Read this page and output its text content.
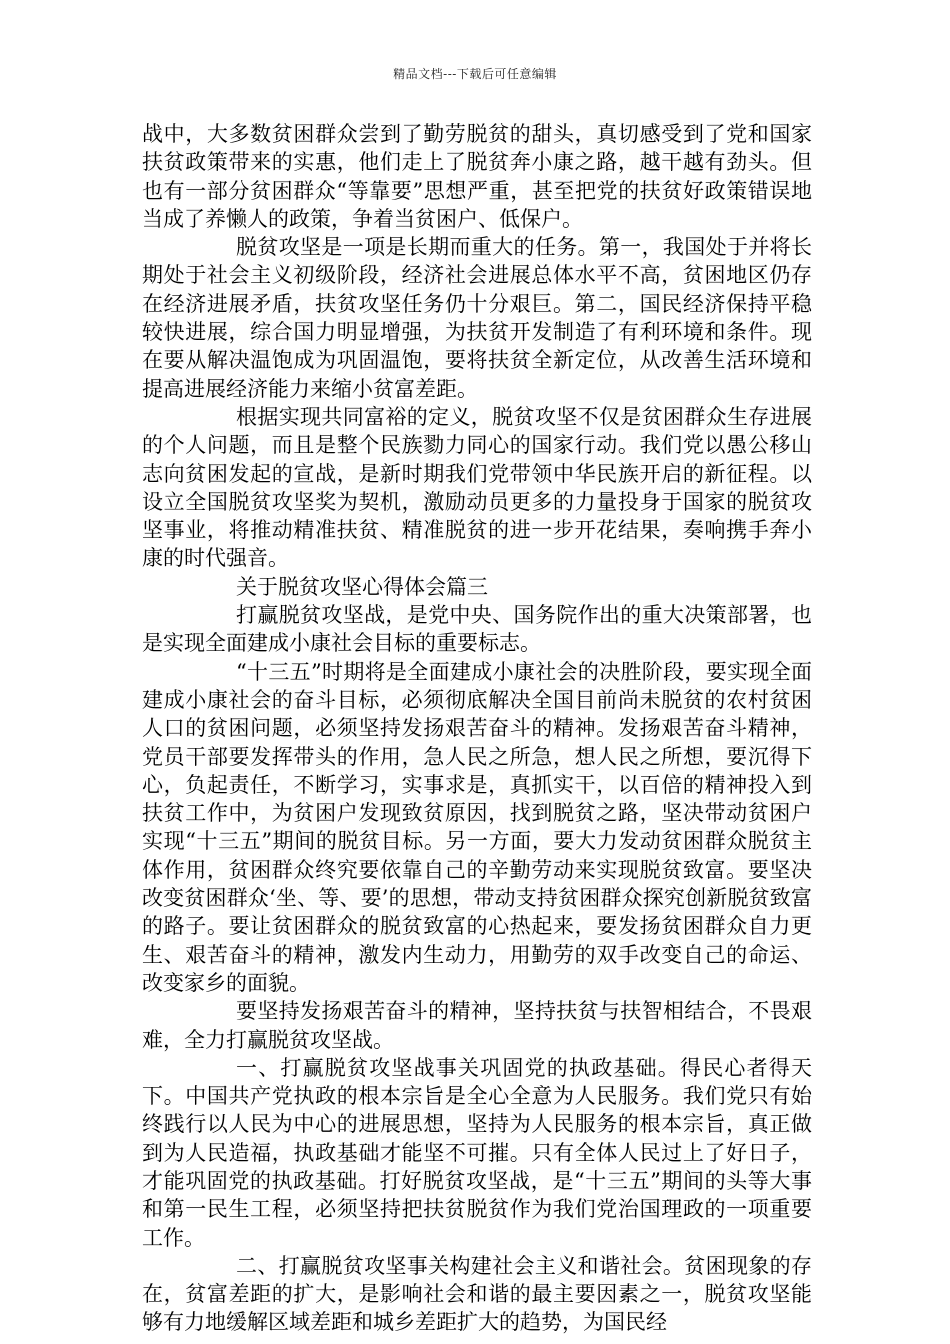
精品文档---下载后可任意编辑

战中，大多数贫困群众尝到了勤劳脱贫的甜头，真切感受到了党和国家扶贫政策带来的实惠，他们走上了脱贫奔小康之路，越干越有劲头。但也有一部分贫困群众“等靠要”思想严重，甚至把党的扶贫好政策错误地当成了养懒人的政策，争着当贫困户、低保户。

脱贫攻坚是一项是长期而重大的任务。第一，我国处于并将长期处于社会主义初级阶段，经济社会进展总体水平不高，贫困地区仍存在经济进展矛盾，扶贫攻坚任务仍十分艰巨。第二，国民经济保持平稳较快进展，综合国力明显增强，为扶贫开发制造了有利环境和条件。现在要从解决温饱成为巩固温饱，要将扶贫全新定位，从改善生活环境和提高进展经济能力来缩小贫富差距。

根据实现共同富裕的定义，脱贫攻坚不仅是贫困群众生存进展的个人问题，而且是整个民族勠力同心的国家行动。我们党以愚公移山志向贫困发起的宣战，是新时期我们党带领中华民族开启的新征程。以设立全国脱贫攻坚奖为契机，激励动员更多的力量投身于国家的脱贫攻坚事业，将推动精准扶贫、精准脱贫的进一步开花结果，奏响携手奔小康的时代强音。

关于脱贫攻坚心得体会篇三

打赢脱贫攻坚战，是党中央、国务院作出的重大决策部署，也是实现全面建成小康社会目标的重要标志。

“十三五”时期将是全面建成小康社会的决胜阶段，要实现全面建成小康社会的奋斗目标，必须彻底解决全国目前尚未脱贫的农村贫困人口的贫困问题，必须坚持发扬艰苦奋斗的精神。发扬艰苦奋斗精神，党员干部要发挥带头的作用，急人民之所急，想人民之所想，要沉得下心，负起责任，不断学习，实事求是，真抓实干，以百倍的精神投入到扶贫工作中，为贫困户发现致贫原因，找到脱贫之路，坚决带动贫困户实现“十三五”期间的脱贫目标。另一方面，要大力发动贫困群众脱贫主体作用，贫困群众终究要依靠自己的辛勤劳动来实现脱贫致富。要坚决改变贫困群众‘坐、等、要’的思想，带动支持贫困群众探究创新脱贫致富的路子。要让贫困群众的脱贫致富的心热起来，要发扬贫困群众自力更生、艰苦奋斗的精神，激发内生动力，用勤劳的双手改变自己的命运、改变家乡的面貌。

要坚持发扬艰苦奋斗的精神，坚持扶贫与扶智相结合，不畏艰难，全力打赢脱贫攻坚战。

一、打赢脱贫攻坚战事关巩固党的执政基础。得民心者得天下。中国共产党执政的根本宗旨是全心全意为人民服务。我们党只有始终践行以人民为中心的进展思想，坚持为人民服务的根本宗旨，真正做到为人民造福，执政基础才能坚不可摧。只有全体人民过上了好日子，才能巩固党的执政基础。打好脱贫攻坚战，是“十三五”期间的头等大事和第一民生工程，必须坚持把扶贫脱贫作为我们党治国理政的一项重要工作。

二、打赢脱贫攻坚事关构建社会主义和谐社会。贫困现象的存在，贫富差距的扩大，是影响社会和谐的最主要因素之一，脱贫攻坚能够有力地缓解区域差距和城乡差距扩大的趋势，为国民经
